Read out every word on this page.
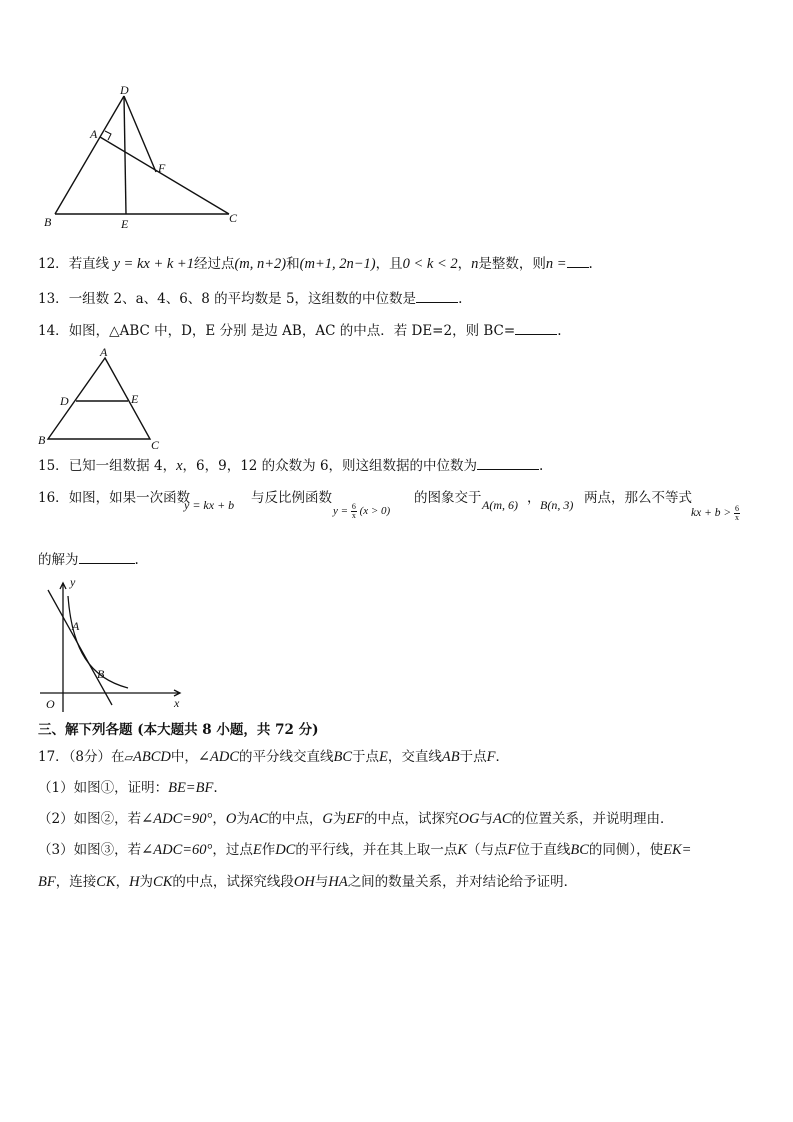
D
A
F
B	E	C
12．若直线 y = kx + k +1经过点(m, n+2)和(m+1, 2n−1)，且0 < k < 2，n是整数，则n = .
13．一组数 2、a、4、6、8 的平均数是 5，这组数的中位数是	.
14．如图，△ABC 中，D，E 分别 是边 AB，AC 的中点．若 DE=2，则 BC=	.
A
D	E
B	C
15．已知一组数据 4，x，6，9，12 的众数为 6，则这组数据的中位数为	.
16．如图，如果一次函数
y = kx + b 与反比例函数
$y = \frac{6}{x} (x > 0)$
的图象交于 A(m, 6) ， B(n, 3) 两点，那么不等式
kx + $b > \frac{6}{x}$
的解为	.
y
x
O
A
B
三、解下列各题 (本大题共 8 小题，共 72 分)
17．（8分）在▱ABCD中，∠ADC的平分线交直线BC于点E，交直线AB于点F．
（1）如图①，证明：BE=BF.
（2）如图②，若∠ADC=90°，O为AC的中点，G为EF的中点，试探究OG与AC的位置关系，并说明理由．
（3）如图③，若∠ADC=60°，过点E作DC的平行线，并在其上取一点K（与点F位于直线BC的同侧），使EK=
BF，连接CK，H为CK的中点，试探究线段OH与HA之间的数量关系，并对结论给予证明．
